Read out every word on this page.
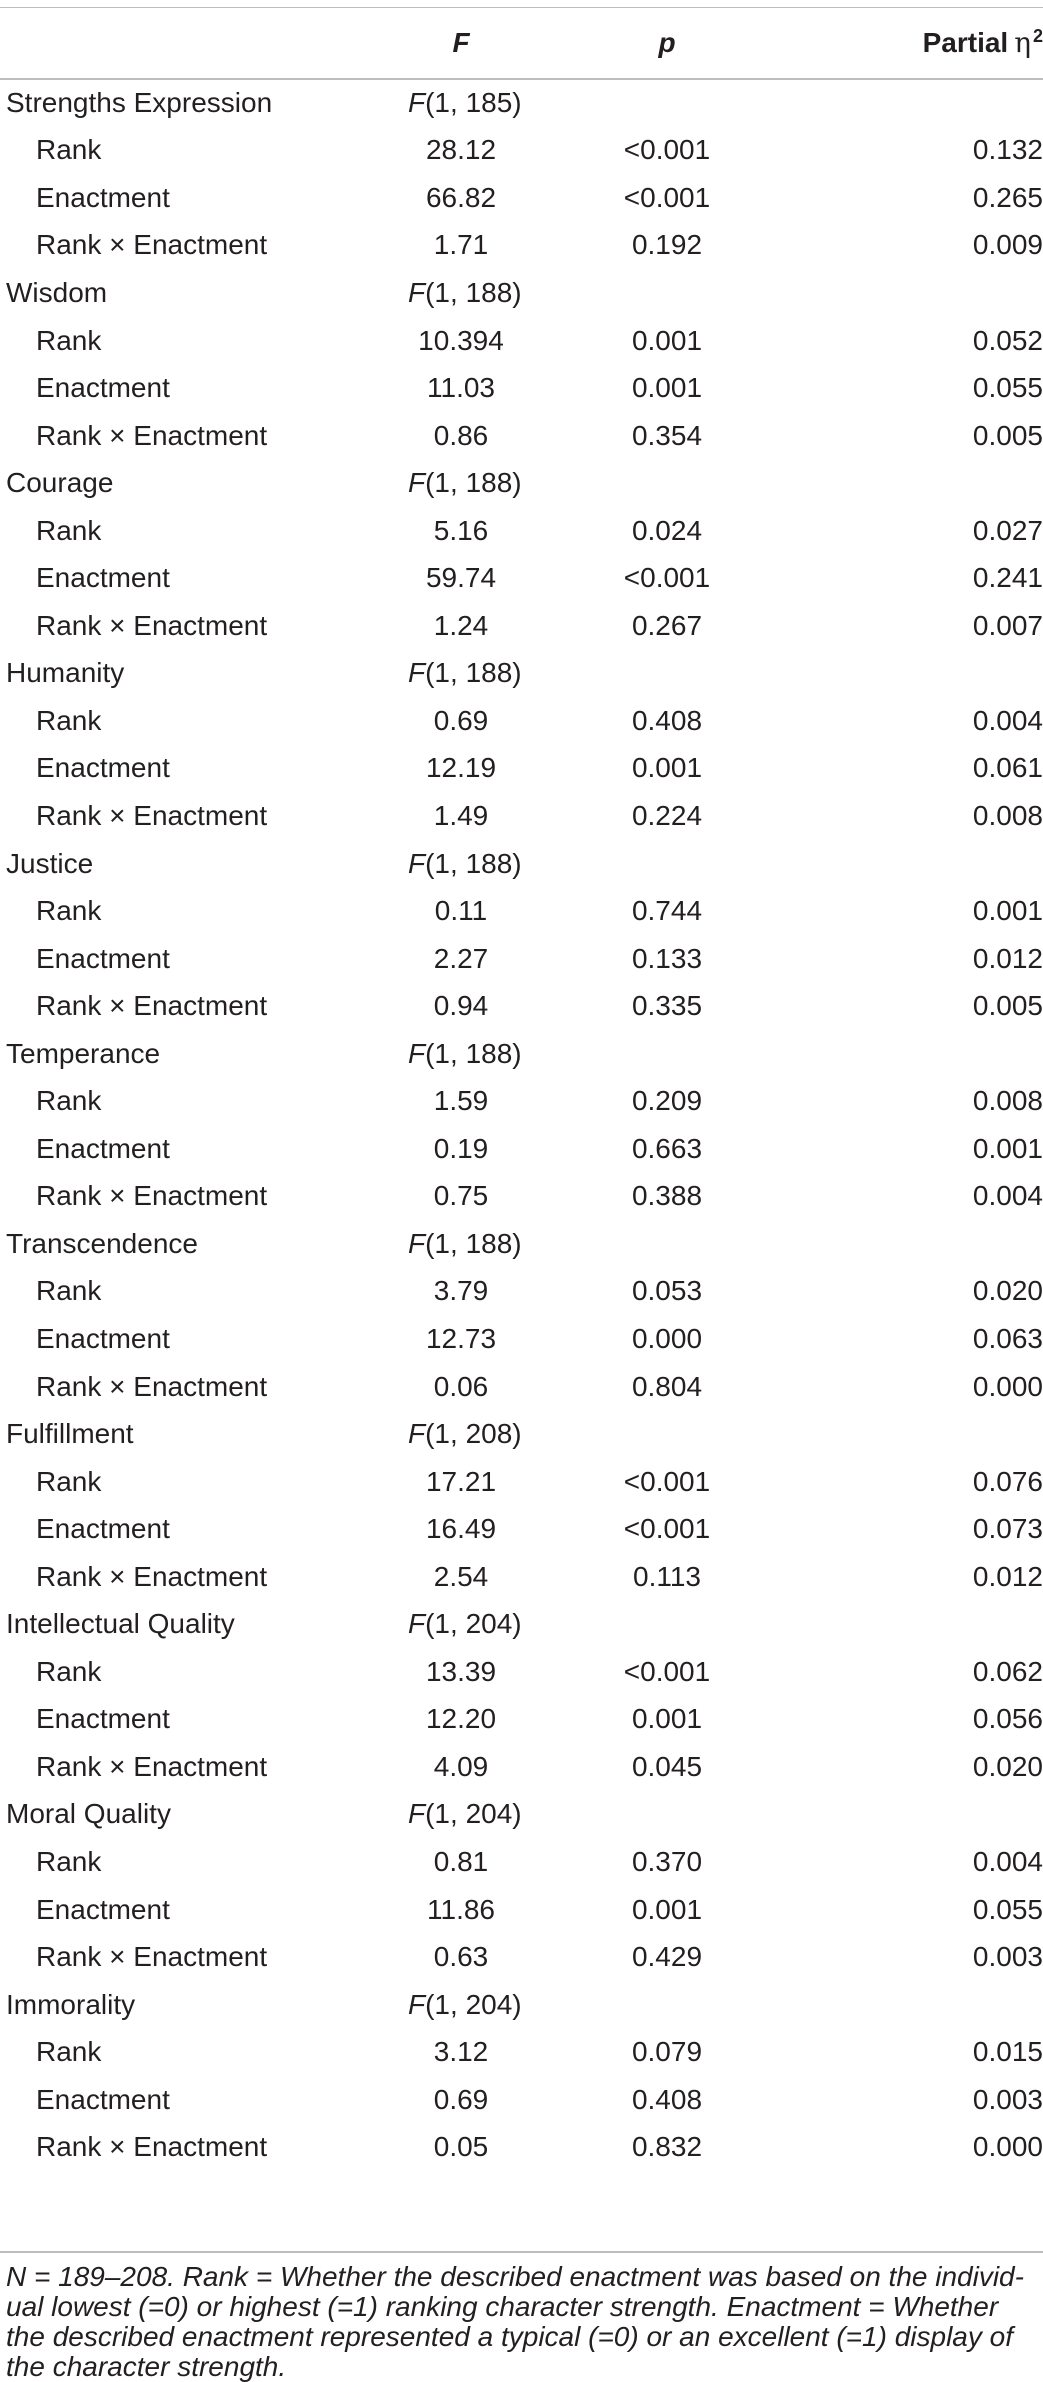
	F	p	Partial η $^2$
Strengths Expression	F(1, 185)		
Rank	28.12	<0.001	0.132
Enactment	66.82	<0.001	0.265
Rank × Enactment	1.71	0.192	0.009
Wisdom	F(1, 188)		
Rank	10.394	0.001	0.052
Enactment	11.03	0.001	0.055
Rank × Enactment	0.86	0.354	0.005
Courage	F(1, 188)		
Rank	5.16	0.024	0.027
Enactment	59.74	<0.001	0.241
Rank × Enactment	1.24	0.267	0.007
Humanity	F(1, 188)		
Rank	0.69	0.408	0.004
Enactment	12.19	0.001	0.061
Rank × Enactment	1.49	0.224	0.008
Justice	F(1, 188)		
Rank	0.11	0.744	0.001
Enactment	2.27	0.133	0.012
Rank × Enactment	0.94	0.335	0.005
Temperance	F(1, 188)		
Rank	1.59	0.209	0.008
Enactment	0.19	0.663	0.001
Rank × Enactment	0.75	0.388	0.004
Transcendence	F(1, 188)		
Rank	3.79	0.053	0.020
Enactment	12.73	0.000	0.063
Rank × Enactment	0.06	0.804	0.000
Fulfillment	F(1, 208)		
Rank	17.21	<0.001	0.076
Enactment	16.49	<0.001	0.073
Rank × Enactment	2.54	0.113	0.012
Intellectual Quality	F(1, 204)		
Rank	13.39	<0.001	0.062
Enactment	12.20	0.001	0.056
Rank × Enactment	4.09	0.045	0.020
Moral Quality	F(1, 204)		
Rank	0.81	0.370	0.004
Enactment	11.86	0.001	0.055
Rank × Enactment	0.63	0.429	0.003
Immorality	F(1, 204)		
Rank	3.12	0.079	0.015
Enactment	0.69	0.408	0.003
Rank × Enactment	0.05	0.832	0.000

N = 189–208. Rank = Whether the described enactment was based on the individ-
ual lowest (=0) or highest (=1) ranking character strength. Enactment = Whether
the described enactment represented a typical (=0) or an excellent (=1) display of
the character strength.
